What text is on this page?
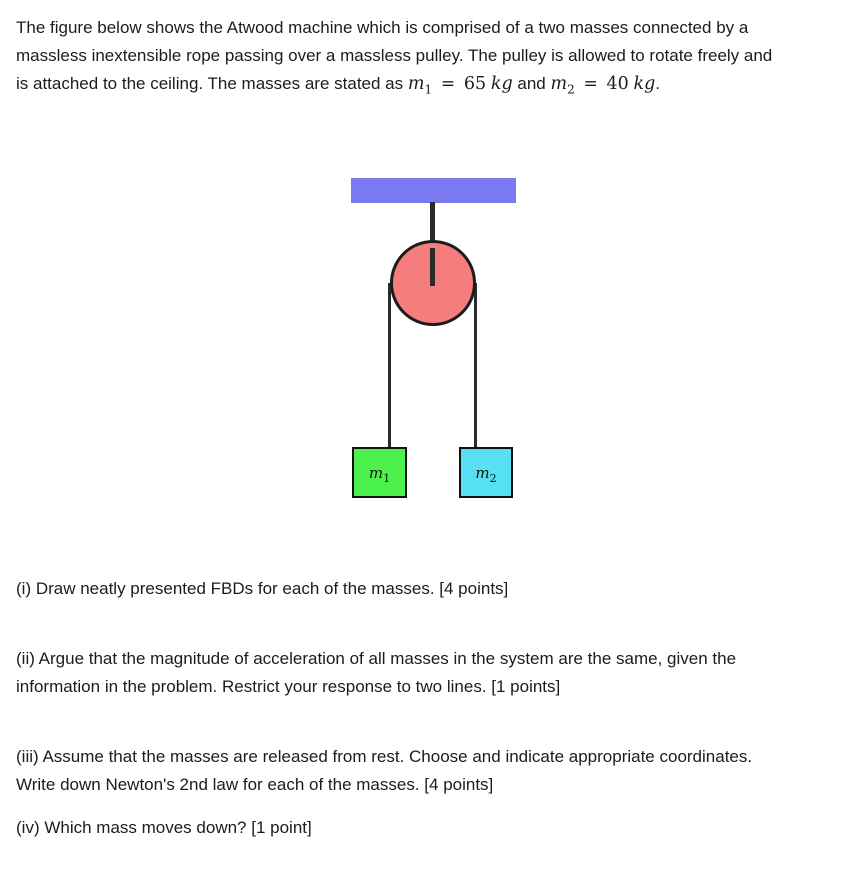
The figure below shows the Atwood machine which is comprised of a two masses connected by a
massless inextensible rope passing over a massless pulley. The pulley is allowed to rotate freely and
is attached to the ceiling. The masses are stated as $m_1 = 65$ kg and $m_2 = 40$ kg.
$m_1$	$m_2$
(i) Draw neatly presented FBDs for each of the masses. [4 points]
(ii) Argue that the magnitude of acceleration of all masses in the system are the same, given the
information in the problem. Restrict your response to two lines. [1 points]
(iii) Assume that the masses are released from rest. Choose and indicate appropriate coordinates.
Write down Newton's 2nd law for each of the masses. [4 points]
(iv) Which mass moves down? [1 point]
